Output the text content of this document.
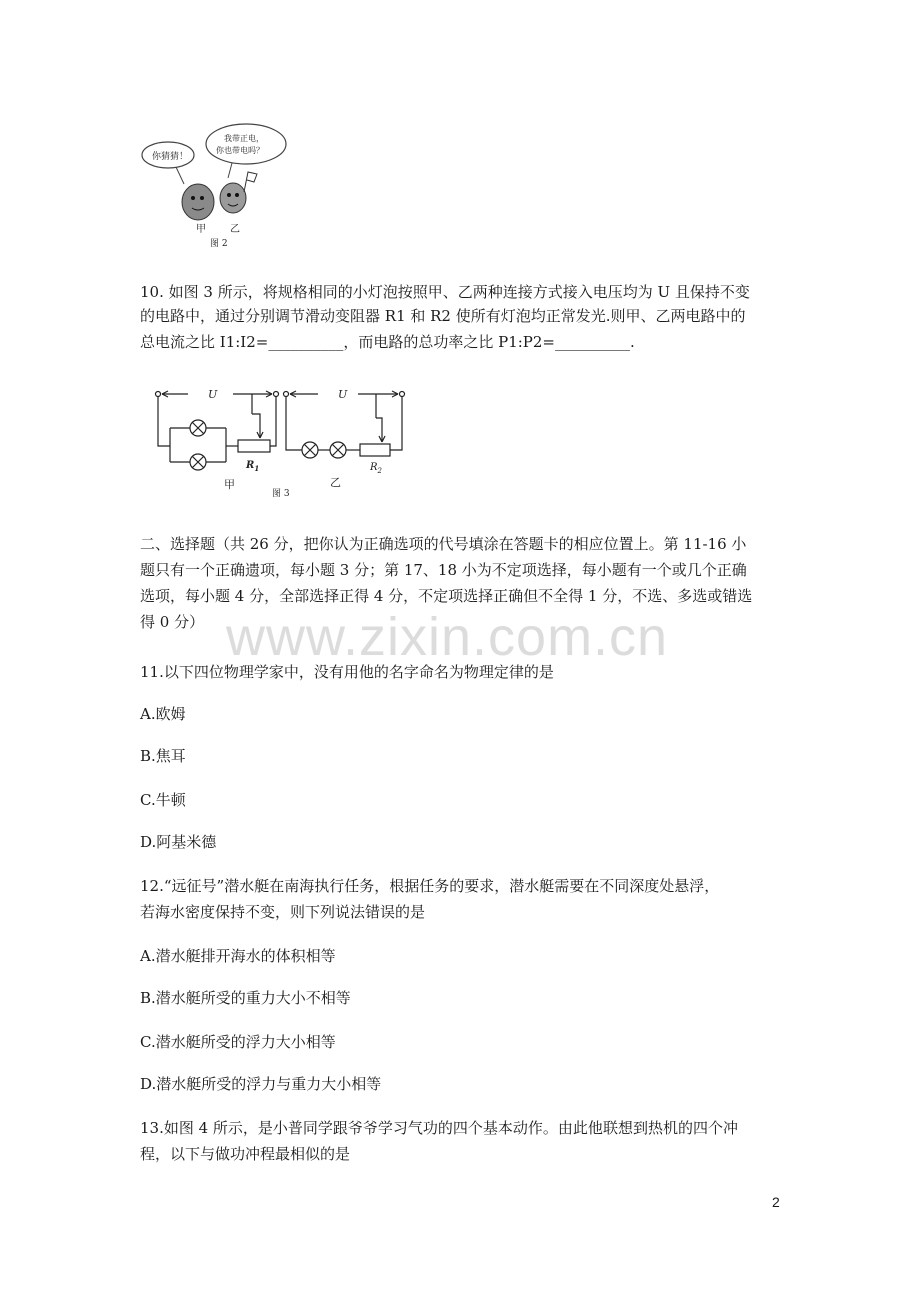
你猜猜！
我带正电，
你也带电吗？
甲 乙
图 2
10. 如图 3 所示，将规格相同的小灯泡按照甲、乙两种连接方式接入电压均为 U 且保持不变
的电路中，通过分别调节滑动变阻器 R1 和 R2 使所有灯泡均正常发光.则甲、乙两电路中的
总电流之比 I1:I2=__________，而电路的总功率之比 P1:P2=__________.
U	U
$R_1$	$R_2$
甲
图 3
乙
二、选择题（共 26 分，把你认为正确选项的代号填涂在答题卡的相应位置上。第 11-16 小
题只有一个正确遗项，每小题 3 分；第 17、18 小为不定项选择，每小题有一个或几个正确
选项，每小题 4 分，全部选择正得 4 分，不定项选择正确但不全得 1 分，不选、多选或错选
得 0 分） www.zixin.com.cn
11.以下四位物理学家中，没有用他的名字命名为物理定律的是
A.欧姆
B.焦耳
C.牛顿
D.阿基米德
12.“远征号”潜水艇在南海执行任务，根据任务的要求，潜水艇需要在不同深度处悬浮，
若海水密度保持不变，则下列说法错误的是
A.潜水艇排开海水的体积相等
B.潜水艇所受的重力大小不相等
C.潜水艇所受的浮力大小相等
D.潜水艇所受的浮力与重力大小相等
13.如图 4 所示，是小普同学跟爷爷学习气功的四个基本动作。由此他联想到热机的四个冲
程，以下与做功冲程最相似的是
2
